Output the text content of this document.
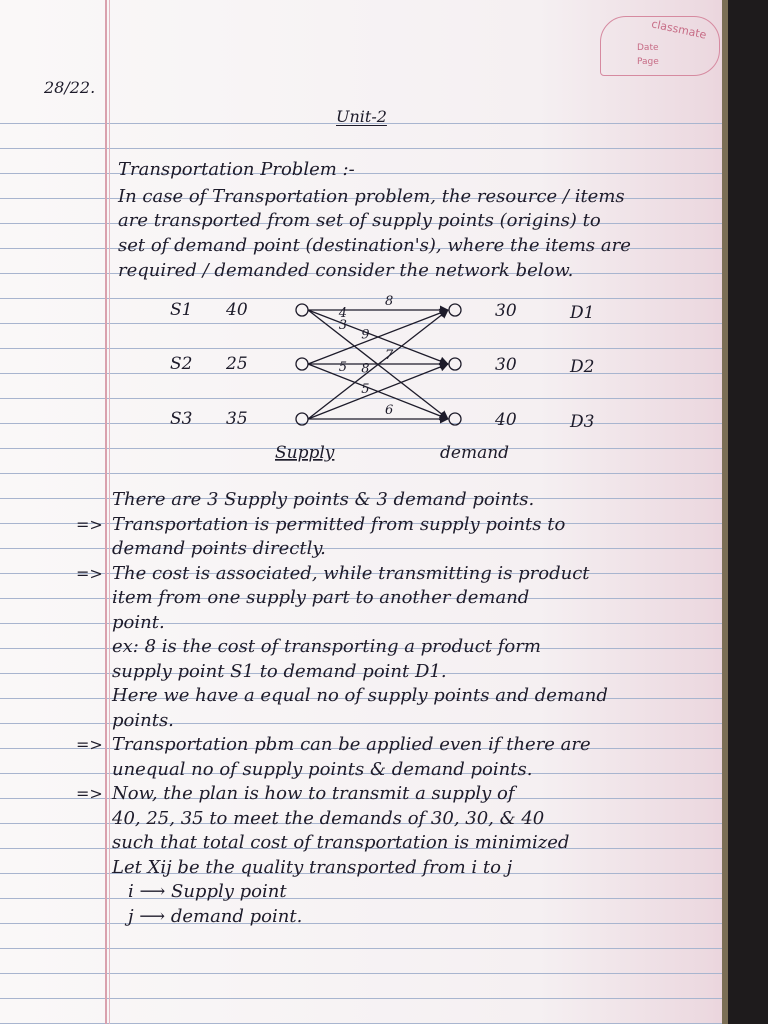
classmate
Date
Page
28/22.
Unit-2
Transportation Problem :-
In case of Transportation problem, the resource / items
are transported from set of supply points (origins) to
set of demand point (destination's), where the items are
required / demanded consider the network below.
8
4
3
9
7
5 8
5
6
S1 40
S2 25
S3 35
30	D1
30	D2
40	D3
Supply	demand
There are 3 Supply points & 3 demand points.
=> Transportation is permitted from supply points to
demand points directly.
=> The cost is associated, while transmitting is product
item from one supply part to another demand
point.
ex: 8 is the cost of transporting a product form
supply point S1 to demand point D1.
Here we have a equal no of supply points and demand
points.
=> Transportation pbm can be applied even if there are
unequal no of supply points & demand points.
=> Now, the plan is how to transmit a supply of
40, 25, 35 to meet the demands of 30, 30, & 40
such that total cost of transportation is minimized
Let Xij be the quality transported from i to j
i ⟶ Supply point
j ⟶ demand point.
